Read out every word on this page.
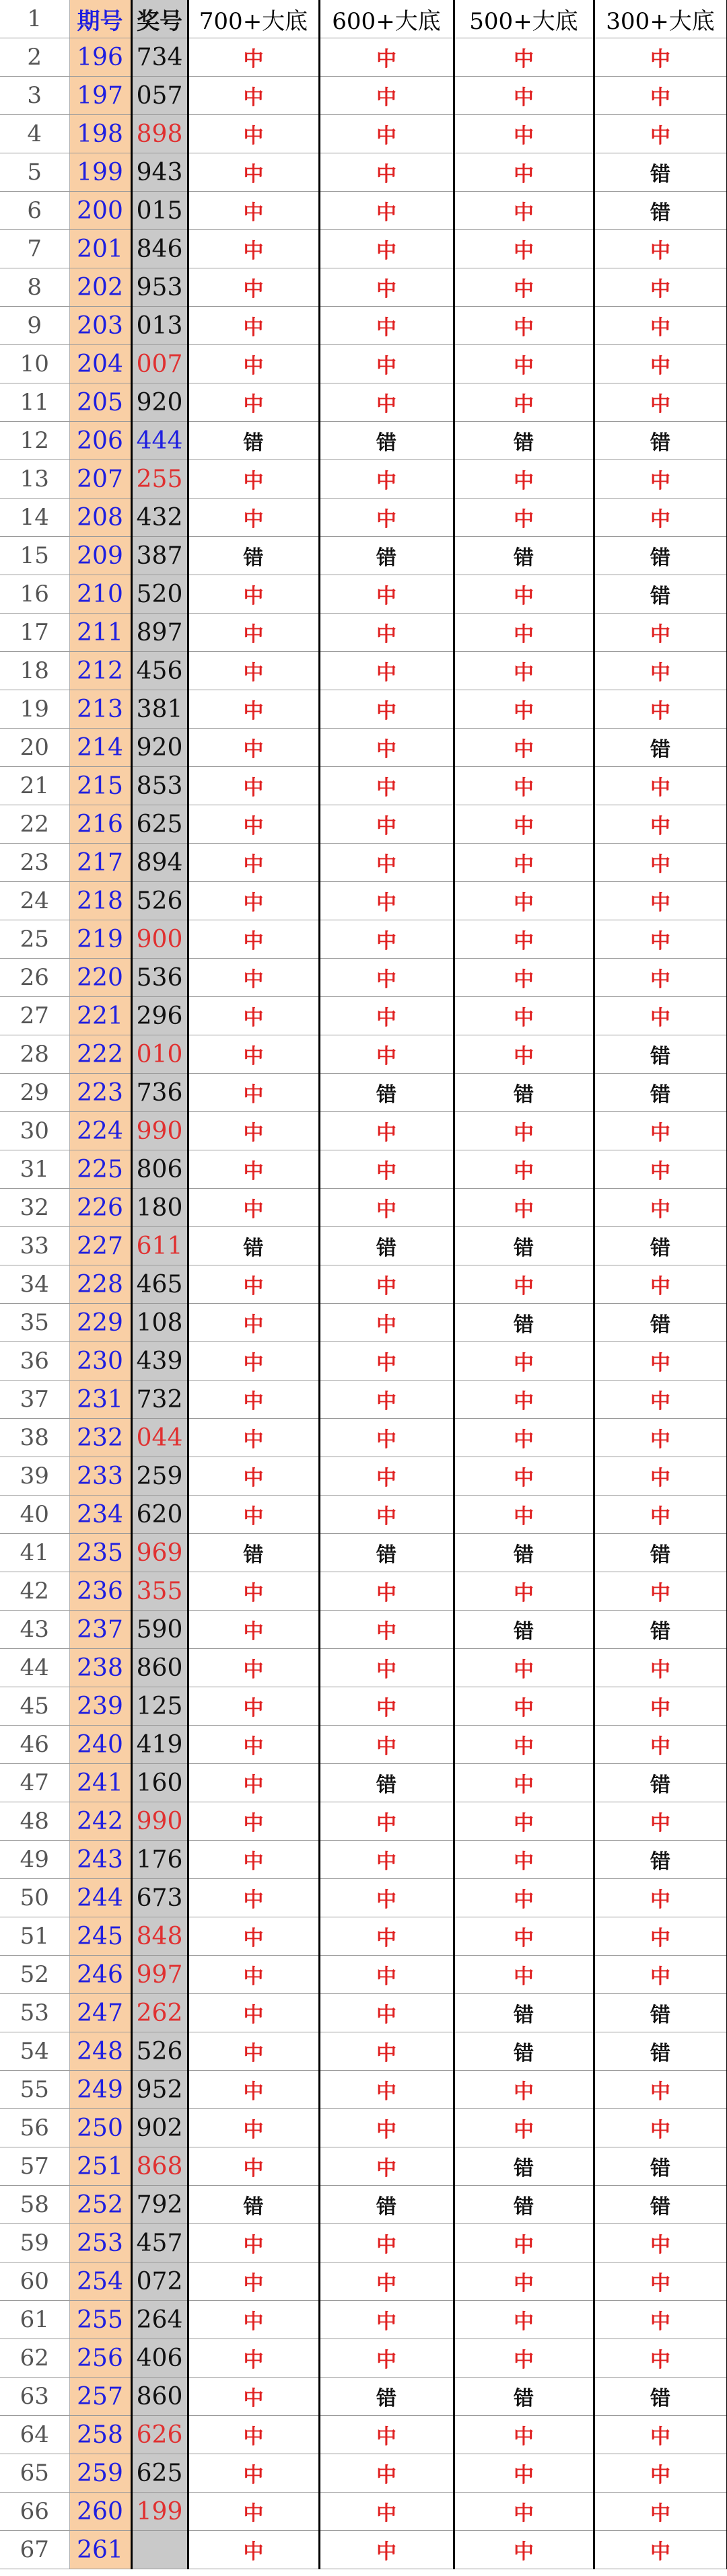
1	期号	奖号	700+大底	600+大底	500+大底	300+大底
2	196	734	中	中	中	中
3	197	057	中	中	中	中
4	198	898	中	中	中	中
5	199	943	中	中	中	错
6	200	015	中	中	中	错
7	201	846	中	中	中	中
8	202	953	中	中	中	中
9	203	013	中	中	中	中
10	204	007	中	中	中	中
11	205	920	中	中	中	中
12	206	444	错	错	错	错
13	207	255	中	中	中	中
14	208	432	中	中	中	中
15	209	387	错	错	错	错
16	210	520	中	中	中	错
17	211	897	中	中	中	中
18	212	456	中	中	中	中
19	213	381	中	中	中	中
20	214	920	中	中	中	错
21	215	853	中	中	中	中
22	216	625	中	中	中	中
23	217	894	中	中	中	中
24	218	526	中	中	中	中
25	219	900	中	中	中	中
26	220	536	中	中	中	中
27	221	296	中	中	中	中
28	222	010	中	中	中	错
29	223	736	中	错	错	错
30	224	990	中	中	中	中
31	225	806	中	中	中	中
32	226	180	中	中	中	中
33	227	611	错	错	错	错
34	228	465	中	中	中	中
35	229	108	中	中	错	错
36	230	439	中	中	中	中
37	231	732	中	中	中	中
38	232	044	中	中	中	中
39	233	259	中	中	中	中
40	234	620	中	中	中	中
41	235	969	错	错	错	错
42	236	355	中	中	中	中
43	237	590	中	中	错	错
44	238	860	中	中	中	中
45	239	125	中	中	中	中
46	240	419	中	中	中	中
47	241	160	中	错	中	错
48	242	990	中	中	中	中
49	243	176	中	中	中	错
50	244	673	中	中	中	中
51	245	848	中	中	中	中
52	246	997	中	中	中	中
53	247	262	中	中	错	错
54	248	526	中	中	错	错
55	249	952	中	中	中	中
56	250	902	中	中	中	中
57	251	868	中	中	错	错
58	252	792	错	错	错	错
59	253	457	中	中	中	中
60	254	072	中	中	中	中
61	255	264	中	中	中	中
62	256	406	中	中	中	中
63	257	860	中	错	错	错
64	258	626	中	中	中	中
65	259	625	中	中	中	中
66	260	199	中	中	中	中
67	261		中	中	中	中
